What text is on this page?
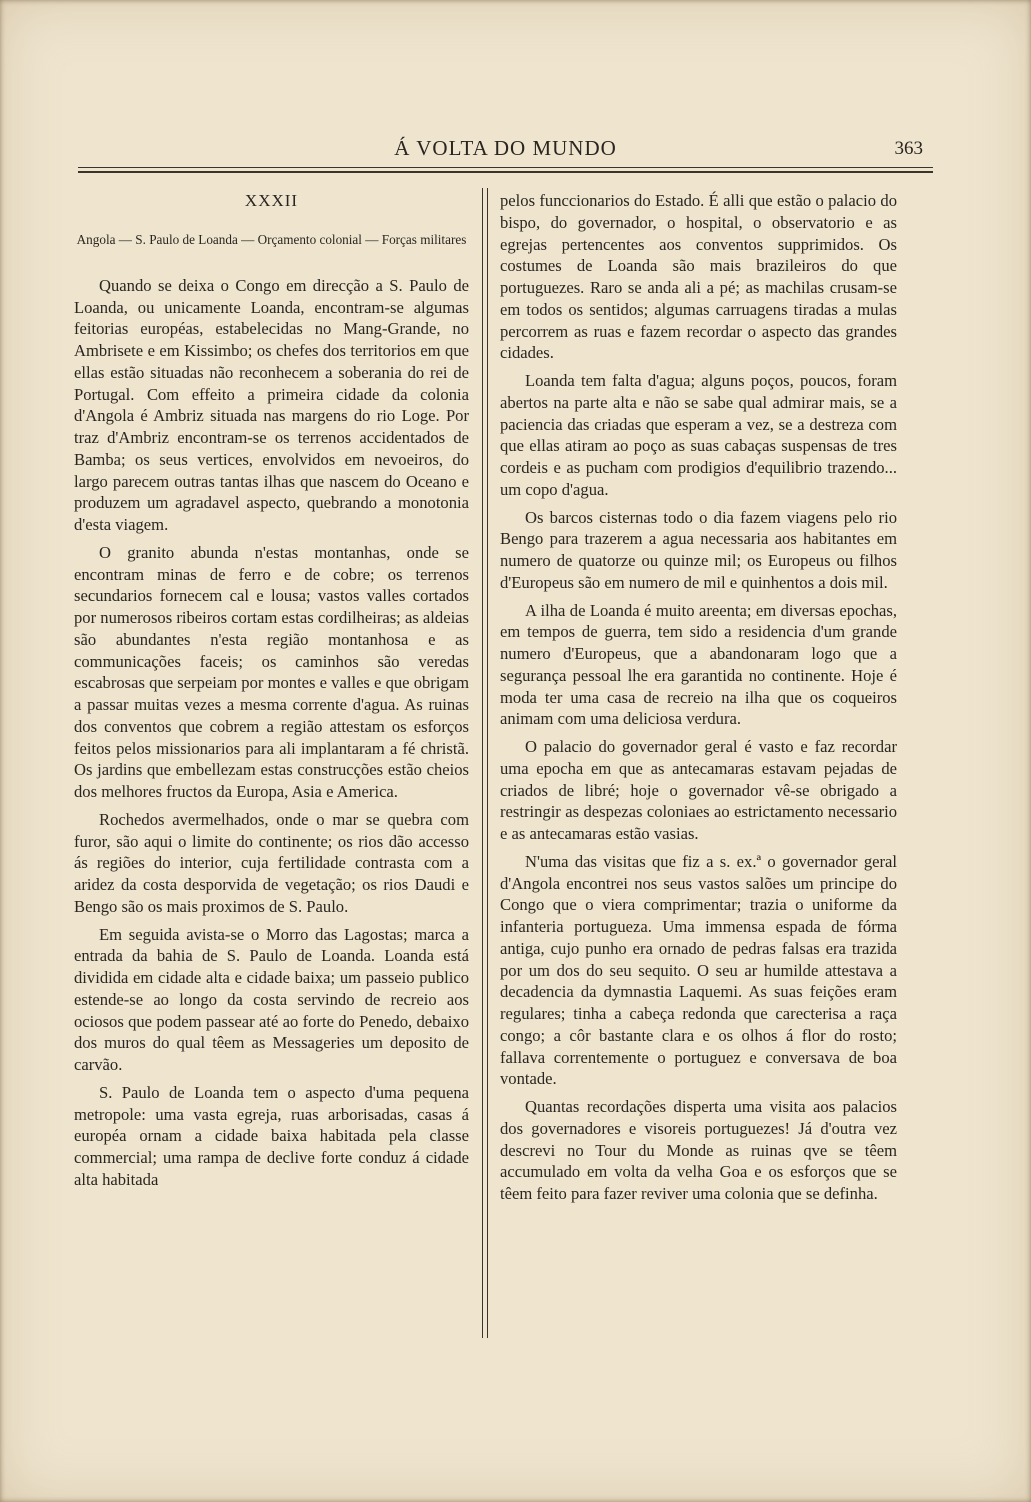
Á VOLTA DO MUNDO	363
XXXII
Angola — S. Paulo de Loanda — Orçamento colonial — Forças militares

Quando se deixa o Congo em direcção a S. Paulo de Loanda, ou unicamente Loanda, encontram-se algumas feitorias européas, estabelecidas no Mang-Grande, no Ambrisete e em Kissimbo; os chefes dos territorios em que ellas estão situadas não reconhecem a soberania do rei de Portugal. Com effeito a primeira cidade da colonia d'Angola é Ambriz situada nas margens do rio Loge. Por traz d'Ambriz encontram-se os terrenos accidentados de Bamba; os seus vertices, envolvidos em nevoeiros, do largo parecem outras tantas ilhas que nascem do Oceano e produzem um agradavel aspecto, quebrando a monotonia d'esta viagem.

O granito abunda n'estas montanhas, onde se encontram minas de ferro e de cobre; os terrenos secundarios fornecem cal e lousa; vastos valles cortados por numerosos ribeiros cortam estas cordilheiras; as aldeias são abundantes n'esta região montanhosa e as communicações faceis; os caminhos são veredas escabrosas que serpeiam por montes e valles e que obrigam a passar muitas vezes a mesma corrente d'agua. As ruinas dos conventos que cobrem a região attestam os esforços feitos pelos missionarios para ali implantaram a fé christã. Os jardins que embellezam estas construcções estão cheios dos melhores fructos da Europa, Asia e America.

Rochedos avermelhados, onde o mar se quebra com furor, são aqui o limite do continente; os rios dão accesso ás regiões do interior, cuja fertilidade contrasta com a aridez da costa desporvida de vegetação; os rios Daudi e Bengo são os mais proximos de S. Paulo.

Em seguida avista-se o Morro das Lagostas; marca a entrada da bahia de S. Paulo de Loanda. Loanda está dividida em cidade alta e cidade baixa; um passeio publico estende-se ao longo da costa servindo de recreio aos ociosos que podem passear até ao forte do Penedo, debaixo dos muros do qual têem as Messageries um deposito de carvão.

S. Paulo de Loanda tem o aspecto d'uma pequena metropole: uma vasta egreja, ruas arborisadas, casas á européa ornam a cidade baixa habitada pela classe commercial; uma rampa de declive forte conduz á cidade alta habitada

pelos funccionarios do Estado. É alli que estão o palacio do bispo, do governador, o hospital, o observatorio e as egrejas pertencentes aos conventos supprimidos. Os costumes de Loanda são mais brazileiros do que portuguezes. Raro se anda ali a pé; as machilas crusam-se em todos os sentidos; algumas carruagens tiradas a mulas percorrem as ruas e fazem recordar o aspecto das grandes cidades.

Loanda tem falta d'agua; alguns poços, poucos, foram abertos na parte alta e não se sabe qual admirar mais, se a paciencia das criadas que esperam a vez, se a destreza com que ellas atiram ao poço as suas cabaças suspensas de tres cordeis e as pucham com prodigios d'equilibrio trazendo... um copo d'agua.

Os barcos cisternas todo o dia fazem viagens pelo rio Bengo para trazerem a agua necessaria aos habitantes em numero de quatorze ou quinze mil; os Europeus ou filhos d'Europeus são em numero de mil e quinhentos a dois mil.

A ilha de Loanda é muito areenta; em diversas epochas, em tempos de guerra, tem sido a residencia d'um grande numero d'Europeus, que a abandonaram logo que a segurança pessoal lhe era garantida no continente. Hoje é moda ter uma casa de recreio na ilha que os coqueiros animam com uma deliciosa verdura.

O palacio do governador geral é vasto e faz recordar uma epocha em que as antecamaras estavam pejadas de criados de libré; hoje o governador vê-se obrigado a restringir as despezas coloniaes ao estrictamento necessario e as antecamaras estão vasias.

N'uma das visitas que fiz a s. ex.ª o governador geral d'Angola encontrei nos seus vastos salões um principe do Congo que o viera comprimentar; trazia o uniforme da infanteria portugueza. Uma immensa espada de fórma antiga, cujo punho era ornado de pedras falsas era trazida por um dos do seu sequito. O seu ar humilde attestava a decadencia da dymnastia Laquemi. As suas feições eram regulares; tinha a cabeça redonda que carecterisa a raça congo; a côr bastante clara e os olhos á flor do rosto; fallava correntemente o portuguez e conversava de boa vontade.

Quantas recordações disperta uma visita aos palacios dos governadores e visoreis portuguezes! Já d'outra vez descrevi no Tour du Monde as ruinas qve se têem accumulado em volta da velha Goa e os esforços que se têem feito para fazer reviver uma colonia que se definha.
